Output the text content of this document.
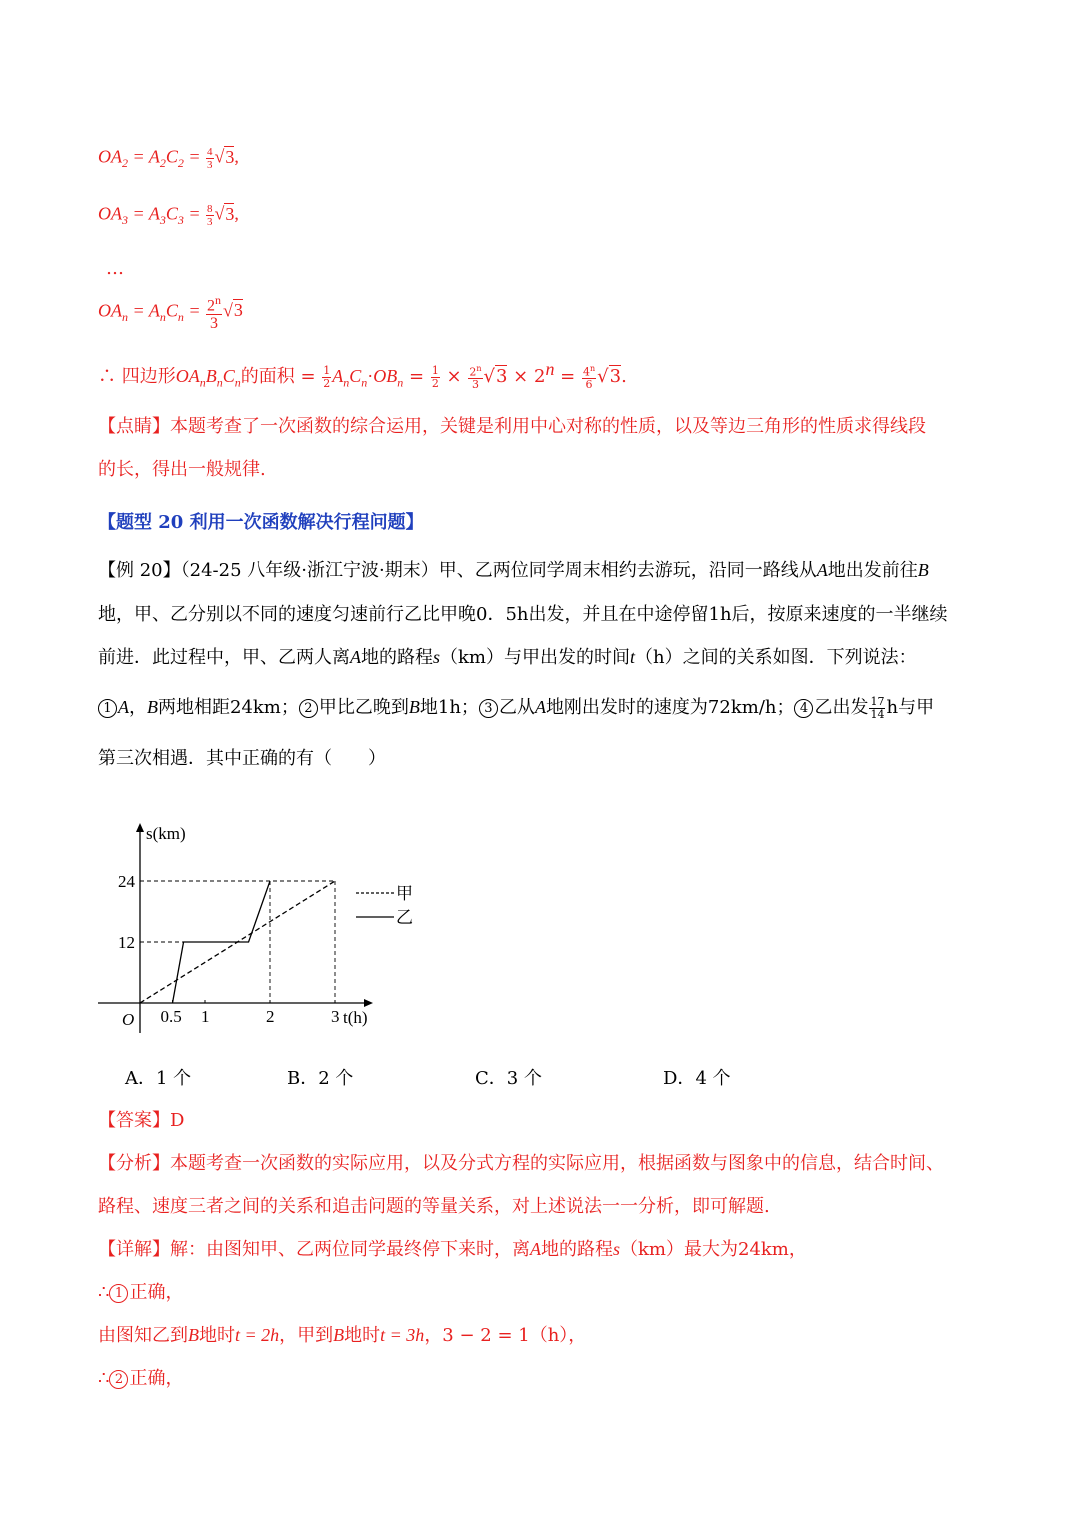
$OA_2 = A_2C_2 = \frac{4}{3} √3$,
$OA_3 = A_3C_3 = \frac{8}{3} √3$,
…
$OA_n = A_nC_n = \frac{2^n}{3} √3$
∴ 四边形$OA_nB_nC_n$的面积 = $\frac{1}{2} A_nC_n\cdot OB_n = \frac{1}{2} \times \frac{2^n}{3} √3 \times 2^n = \frac{4^n}{6} √3$.
【点睛】本题考查了一次函数的综合运用，关键是利用中心对称的性质，以及等边三角形的性质求得线段
的长，得出一般规律.
【题型 20 利用一次函数解决行程问题】
【例 20】（24-25 八年级·浙江宁波·期末）甲、乙两位同学周末相约去游玩，沿同一路线从A地出发前往B
地，甲、乙分别以不同的速度匀速前行乙比甲晚0．5h出发，并且在中途停留1h后，按原来速度的一半继续
前进．此过程中，甲、乙两人离A地的路程s（km）与甲出发的时间t（h）之间的关系如图．下列说法：
1 A，B两地相距24km； 2 甲比乙晚到B地1h； 3 乙从A地刚出发时的速度为72km/h； 4 乙出发 $\frac{17}{14}$ h与甲
第三次相遇．其中正确的有（　　）
s(km)
t(h)
O 0.5 1	2	3
12
24
甲
乙
A．1 个	B．2 个	C．3 个	D．4 个
【答案】D
【分析】本题考查一次函数的实际应用，以及分式方程的实际应用，根据函数与图象中的信息，结合时间、
路程、速度三者之间的关系和追击问题的等量关系，对上述说法一一分析，即可解题.
【详解】解：由图知甲、乙两位同学最终停下来时，离A地的路程s（km）最大为24km，
∴ 1 正确，
由图知乙到B地时t = 2h，甲到B地时t = 3h，3 − 2 = 1（h），
∴ 2 正确，
